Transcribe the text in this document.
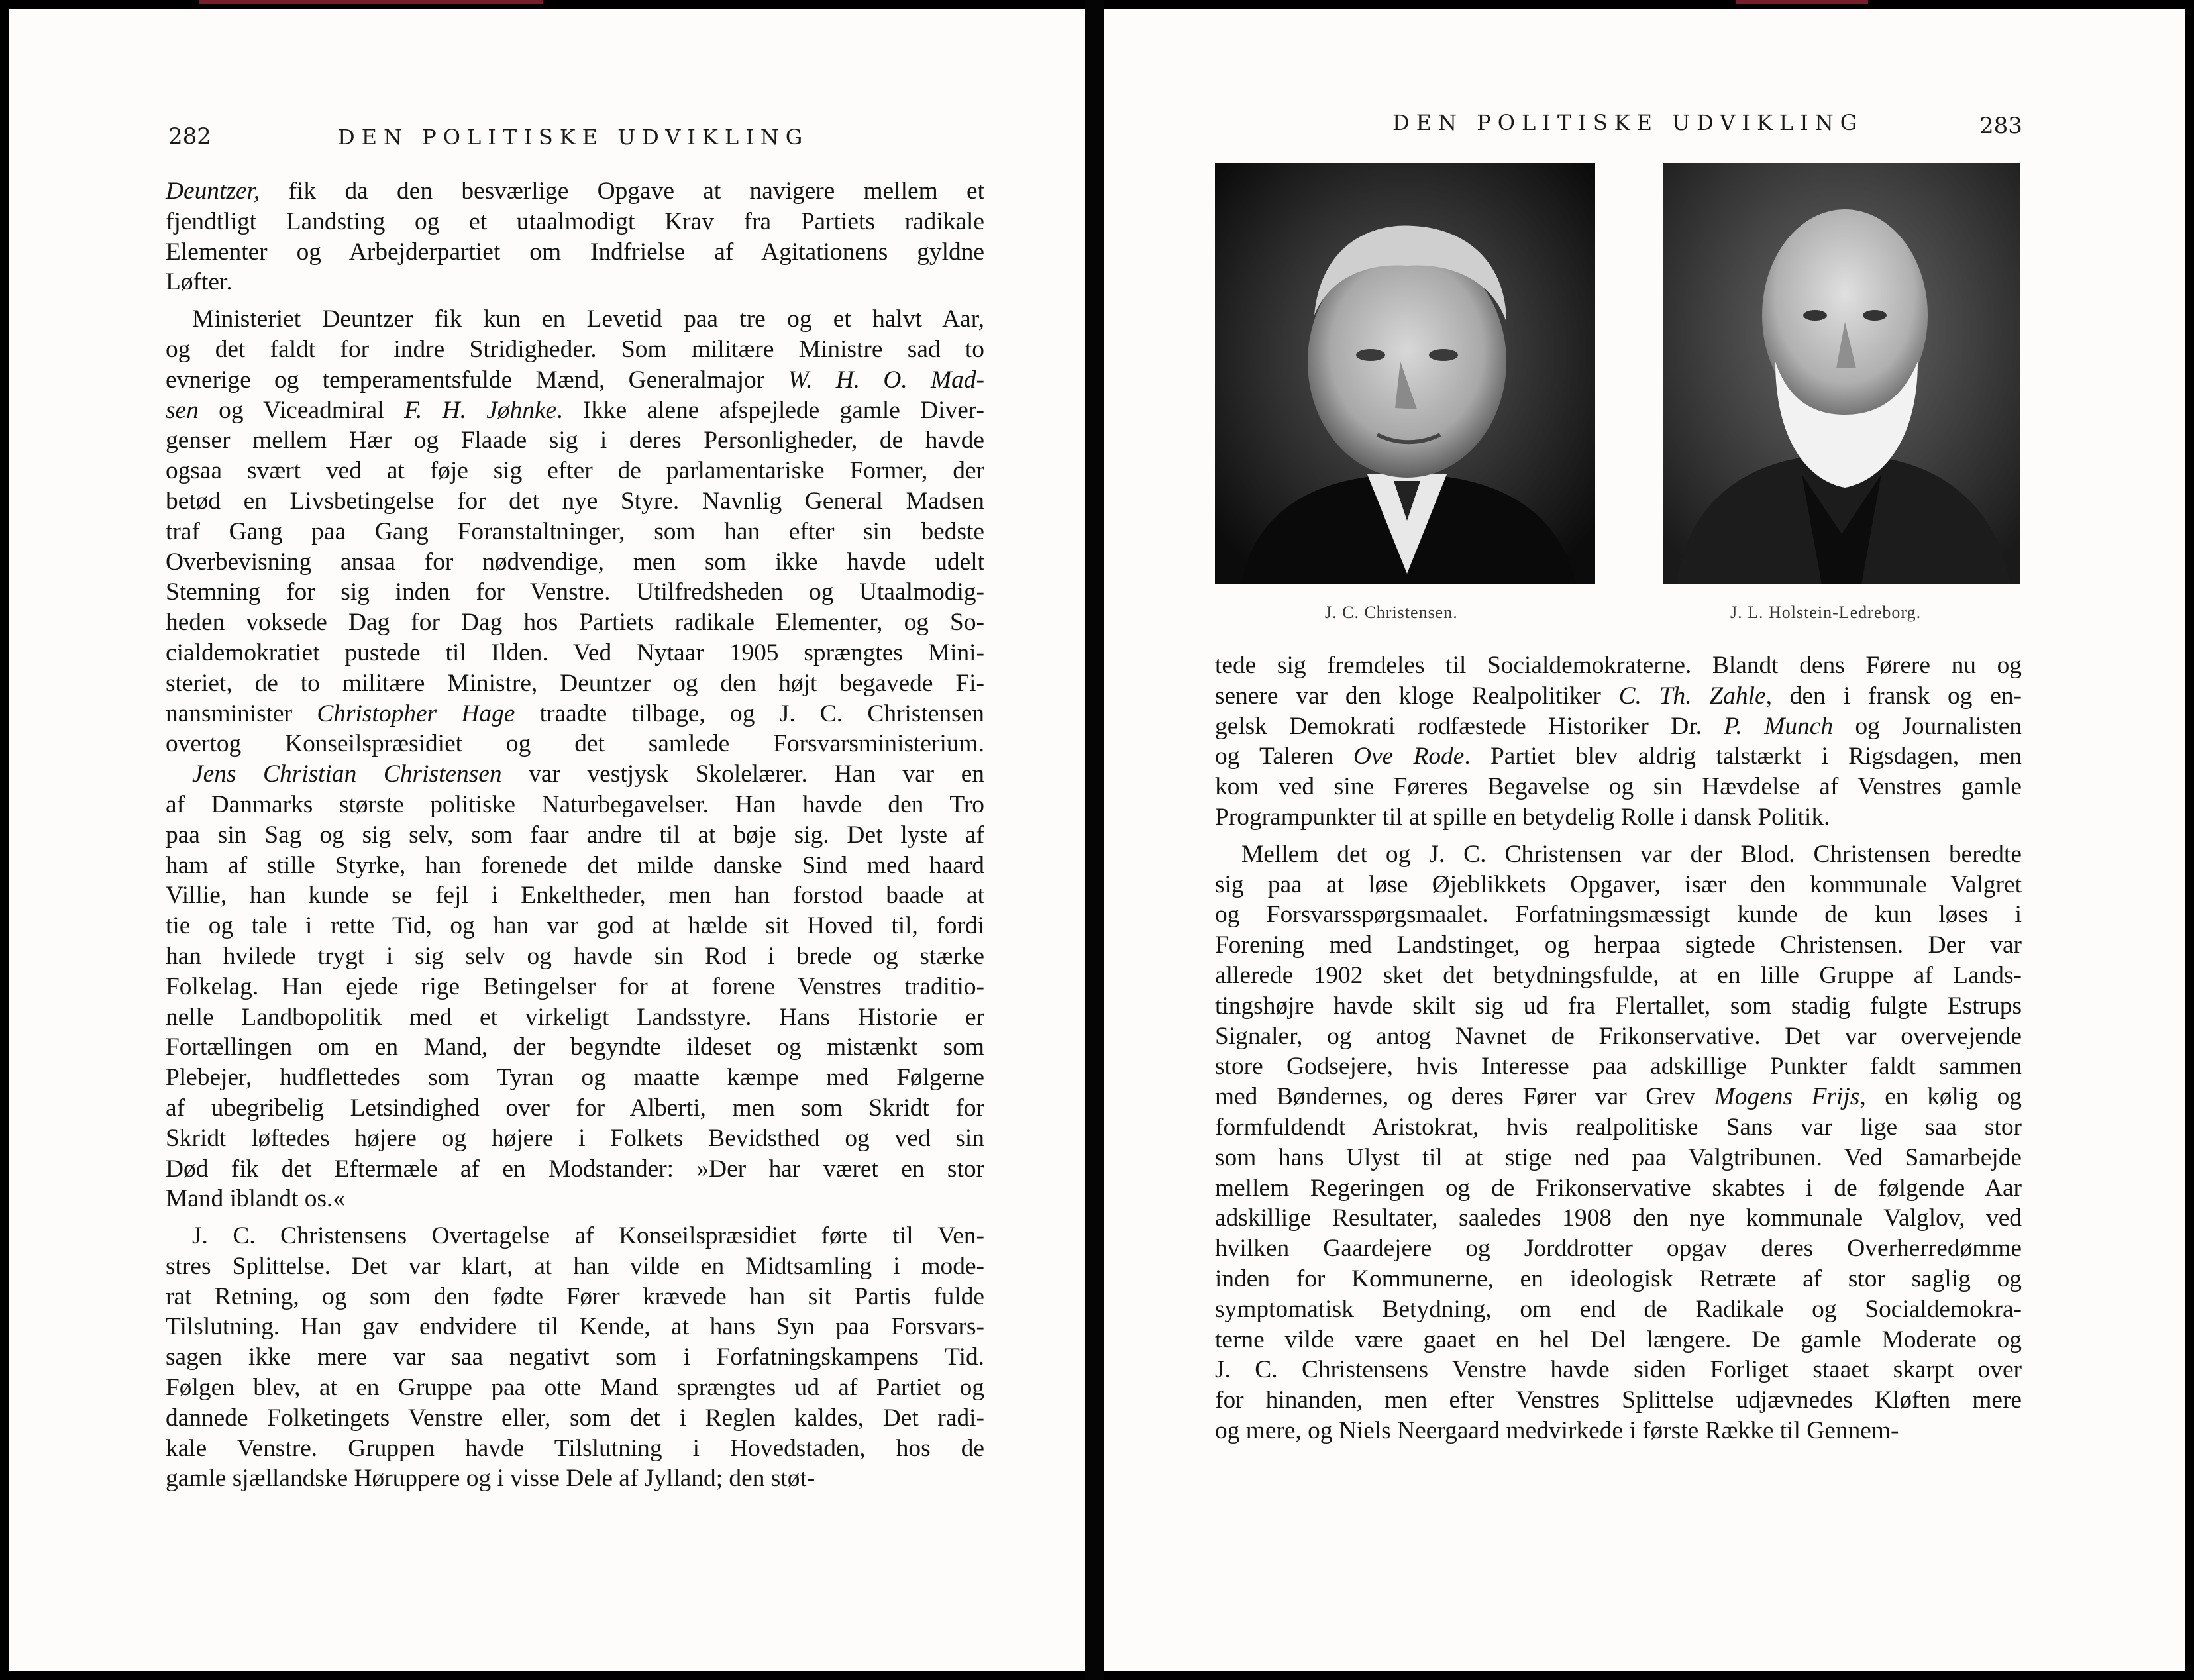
282	DEN POLITISKE UDVIKLING
Deuntzer, fik da den besværlige Opgave at navigere mellem et
fjendtligt Landsting og et utaalmodigt Krav fra Partiets radikale
Elementer og Arbejderpartiet om Indfrielse af Agitationens gyldne
Løfter.
Ministeriet Deuntzer fik kun en Levetid paa tre og et halvt Aar,
og det faldt for indre Stridigheder. Som militære Ministre sad to
evnerige og temperamentsfulde Mænd, Generalmajor W. H. O. Mad-
sen og Viceadmiral F. H. Jøhnke. Ikke alene afspejlede gamle Diver-
genser mellem Hær og Flaade sig i deres Personligheder, de havde
ogsaa svært ved at føje sig efter de parlamentariske Former, der
betød en Livsbetingelse for det nye Styre. Navnlig General Madsen
traf Gang paa Gang Foranstaltninger, som han efter sin bedste
Overbevisning ansaa for nødvendige, men som ikke havde udelt
Stemning for sig inden for Venstre. Utilfredsheden og Utaalmodig-
heden voksede Dag for Dag hos Partiets radikale Elementer, og So-
cialdemokratiet pustede til Ilden. Ved Nytaar 1905 sprængtes Mini-
steriet, de to militære Ministre, Deuntzer og den højt begavede Fi-
nansminister Christopher Hage traadte tilbage, og J. C. Christensen
overtog Konseilspræsidiet og det samlede Forsvarsministerium.
Jens Christian Christensen var vestjysk Skolelærer. Han var en
af Danmarks største politiske Naturbegavelser. Han havde den Tro
paa sin Sag og sig selv, som faar andre til at bøje sig. Det lyste af
ham af stille Styrke, han forenede det milde danske Sind med haard
Villie, han kunde se fejl i Enkeltheder, men han forstod baade at
tie og tale i rette Tid, og han var god at hælde sit Hoved til, fordi
han hvilede trygt i sig selv og havde sin Rod i brede og stærke
Folkelag. Han ejede rige Betingelser for at forene Venstres traditio-
nelle Landbopolitik med et virkeligt Landsstyre. Hans Historie er
Fortællingen om en Mand, der begyndte ildeset og mistænkt som
Plebejer, hudflettedes som Tyran og maatte kæmpe med Følgerne
af ubegribelig Letsindighed over for Alberti, men som Skridt for
Skridt løftedes højere og højere i Folkets Bevidsthed og ved sin
Død fik det Eftermæle af en Modstander: »Der har været en stor
Mand iblandt os.«
J. C. Christensens Overtagelse af Konseilspræsidiet førte til Ven-
stres Splittelse. Det var klart, at han vilde en Midtsamling i mode-
rat Retning, og som den fødte Fører krævede han sit Partis fulde
Tilslutning. Han gav endvidere til Kende, at hans Syn paa Forsvars-
sagen ikke mere var saa negativt som i Forfatningskampens Tid.
Følgen blev, at en Gruppe paa otte Mand sprængtes ud af Partiet og
dannede Folketingets Venstre eller, som det i Reglen kaldes, Det radi-
kale Venstre. Gruppen havde Tilslutning i Hovedstaden, hos de
gamle sjællandske Høruppere og i visse Dele af Jylland; den støt-
DEN POLITISKE UDVIKLING	283
J. C. Christensen.	J. L. Holstein-Ledreborg.
tede sig fremdeles til Socialdemokraterne. Blandt dens Førere nu og
senere var den kloge Realpolitiker C. Th. Zahle, den i fransk og en-
gelsk Demokrati rodfæstede Historiker Dr. P. Munch og Journalisten
og Taleren Ove Rode. Partiet blev aldrig talstærkt i Rigsdagen, men
kom ved sine Føreres Begavelse og sin Hævdelse af Venstres gamle
Programpunkter til at spille en betydelig Rolle i dansk Politik.
Mellem det og J. C. Christensen var der Blod. Christensen beredte
sig paa at løse Øjeblikkets Opgaver, især den kommunale Valgret
og Forsvarsspørgsmaalet. Forfatningsmæssigt kunde de kun løses i
Forening med Landstinget, og herpaa sigtede Christensen. Der var
allerede 1902 sket det betydningsfulde, at en lille Gruppe af Lands-
tingshøjre havde skilt sig ud fra Flertallet, som stadig fulgte Estrups
Signaler, og antog Navnet de Frikonservative. Det var overvejende
store Godsejere, hvis Interesse paa adskillige Punkter faldt sammen
med Bøndernes, og deres Fører var Grev Mogens Frijs, en kølig og
formfuldendt Aristokrat, hvis realpolitiske Sans var lige saa stor
som hans Ulyst til at stige ned paa Valgtribunen. Ved Samarbejde
mellem Regeringen og de Frikonservative skabtes i de følgende Aar
adskillige Resultater, saaledes 1908 den nye kommunale Valglov, ved
hvilken Gaardejere og Jorddrotter opgav deres Overherredømme
inden for Kommunerne, en ideologisk Retræte af stor saglig og
symptomatisk Betydning, om end de Radikale og Socialdemokra-
terne vilde være gaaet en hel Del længere. De gamle Moderate og
J. C. Christensens Venstre havde siden Forliget staaet skarpt over
for hinanden, men efter Venstres Splittelse udjævnedes Kløften mere
og mere, og Niels Neergaard medvirkede i første Række til Gennem-
